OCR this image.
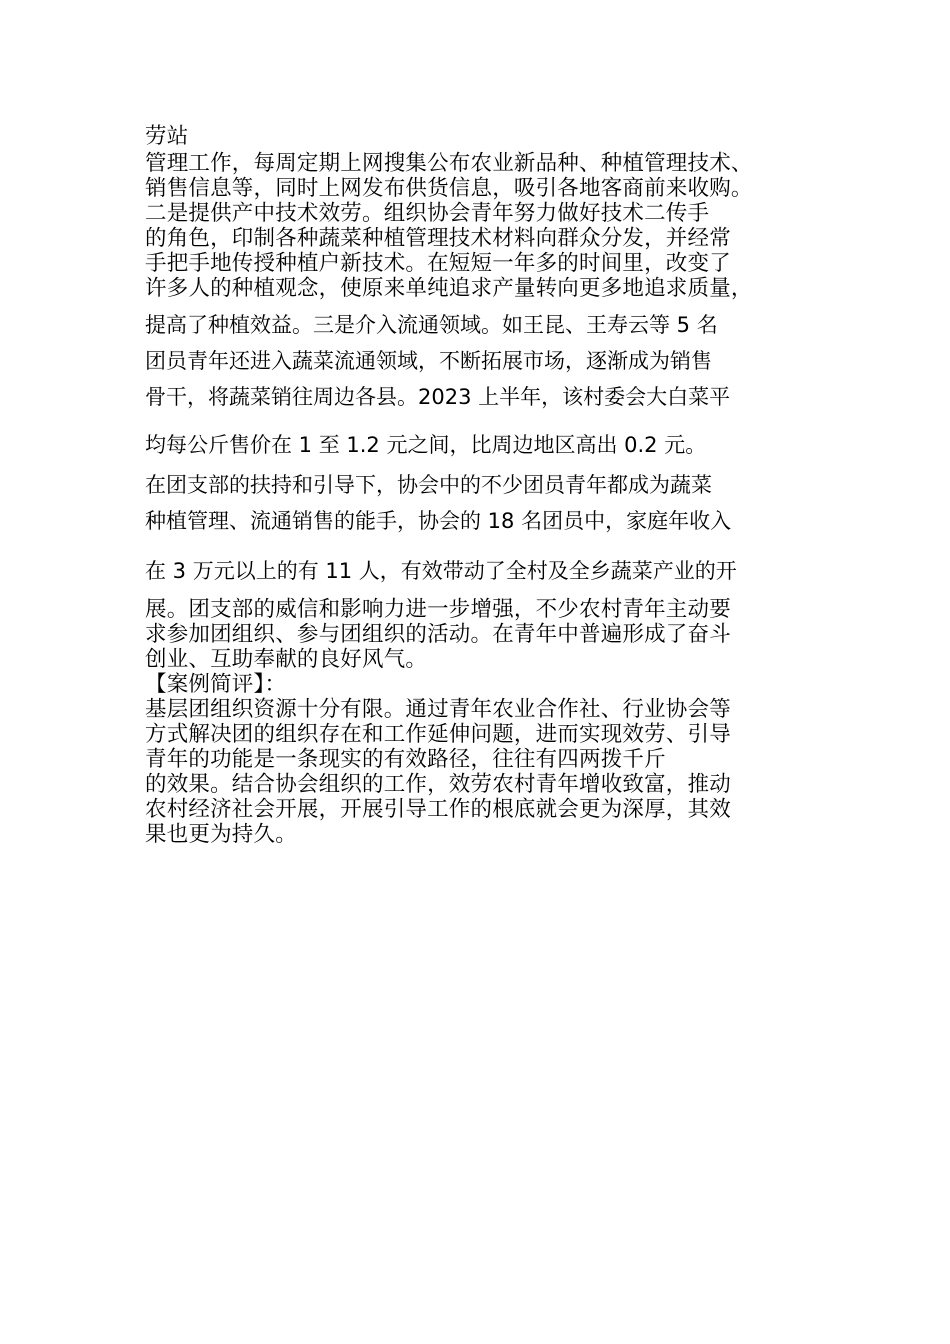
劳站
管理工作，每周定期上网搜集公布农业新品种、种植管理技术、
销售信息等，同时上网发布供货信息，吸引各地客商前来收购。
二是提供产中技术效劳。组织协会青年努力做好技术二传手
的角色，印制各种蔬菜种植管理技术材料向群众分发，并经常
手把手地传授种植户新技术。在短短一年多的时间里，改变了
许多人的种植观念，使原来单纯追求产量转向更多地追求质量，
提高了种植效益。三是介入流通领域。如王昆、王寿云等 5 名
团员青年还进入蔬菜流通领域，不断拓展市场，逐渐成为销售
骨干，将蔬菜销往周边各县。2023 上半年，该村委会大白菜平
均每公斤售价在 1 至 1.2 元之间，比周边地区高出 0.2 元。
在团支部的扶持和引导下，协会中的不少团员青年都成为蔬菜
种植管理、流通销售的能手，协会的 18 名团员中，家庭年收入
在 3 万元以上的有 11 人，有效带动了全村及全乡蔬菜产业的开
展。团支部的威信和影响力进一步增强，不少农村青年主动要
求参加团组织、参与团组织的活动。在青年中普遍形成了奋斗
创业、互助奉献的良好风气。
【案例简评】：
基层团组织资源十分有限。通过青年农业合作社、行业协会等
方式解决团的组织存在和工作延伸问题，进而实现效劳、引导
青年的功能是一条现实的有效路径，往往有四两拨千斤
的效果。结合协会组织的工作，效劳农村青年增收致富，推动
农村经济社会开展，开展引导工作的根底就会更为深厚，其效
果也更为持久。
